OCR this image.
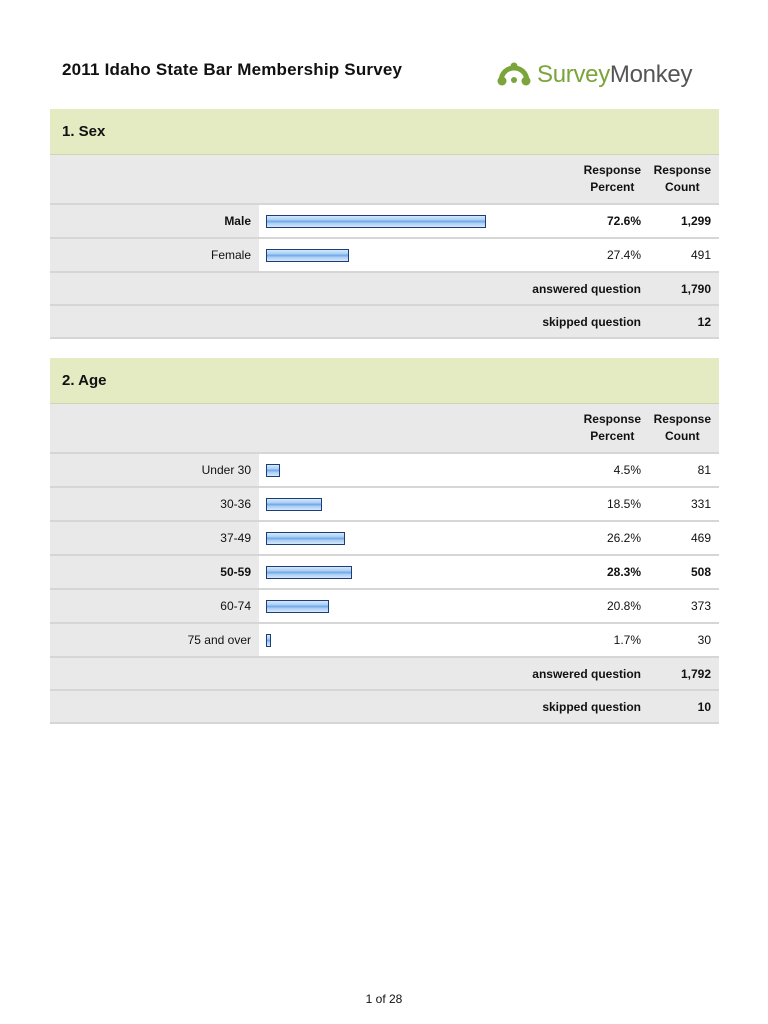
2011 Idaho State Bar Membership Survey	SurveyMonkey
1. Sex
Response
Percent
Response
Count
Male	72.6%	1,299
Female	27.4%	491
answered question	1,790
skipped question	12
2. Age
Response
Percent
Response
Count
Under 30	4.5%	81
30-36	18.5%	331
37-49	26.2%	469
50-59	28.3%	508
60-74	20.8%	373
75 and over	1.7%	30
answered question	1,792
skipped question	10
1 of 28
